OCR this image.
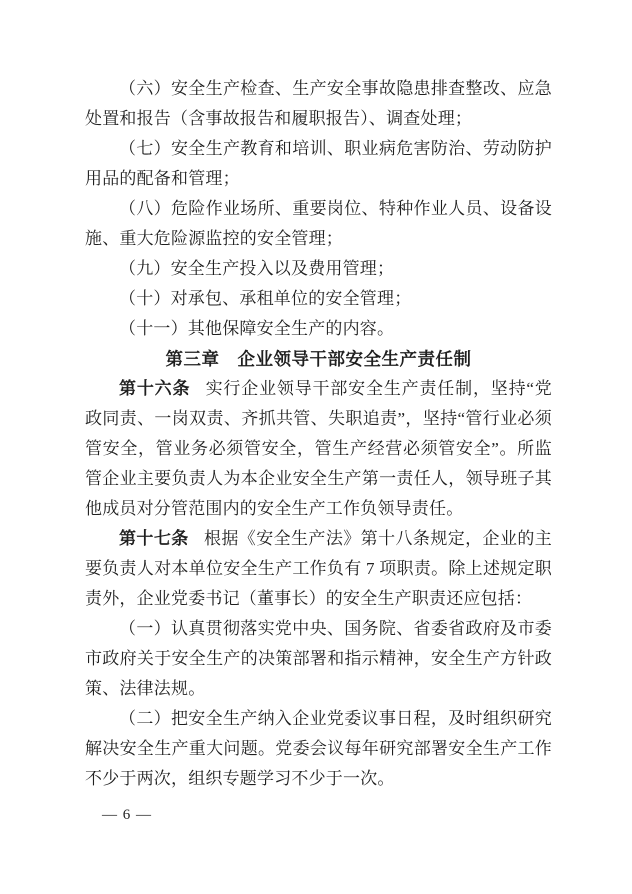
（六）安全生产检查、生产安全事故隐患排查整改、应急处置和报告（含事故报告和履职报告）、调查处理；

（七）安全生产教育和培训、职业病危害防治、劳动防护用品的配备和管理；

（八）危险作业场所、重要岗位、特种作业人员、设备设施、重大危险源监控的安全管理；

（九）安全生产投入以及费用管理；

（十）对承包、承租单位的安全管理；

（十一）其他保障安全生产的内容。

第三章　企业领导干部安全生产责任制

第十六条 实行企业领导干部安全生产责任制，坚持“党政同责、一岗双责、齐抓共管、失职追责”，坚持“管行业必须管安全，管业务必须管安全，管生产经营必须管安全”。所监管企业主要负责人为本企业安全生产第一责任人，领导班子其他成员对分管范围内的安全生产工作负领导责任。

第十七条 根据《安全生产法》第十八条规定，企业的主要负责人对本单位安全生产工作负有 7 项职责。除上述规定职责外，企业党委书记（董事长）的安全生产职责还应包括：

（一）认真贯彻落实党中央、国务院、省委省政府及市委市政府关于安全生产的决策部署和指示精神，安全生产方针政策、法律法规。

（二）把安全生产纳入企业党委议事日程，及时组织研究解决安全生产重大问题。党委会议每年研究部署安全生产工作不少于两次，组织专题学习不少于一次。

— 6 —
